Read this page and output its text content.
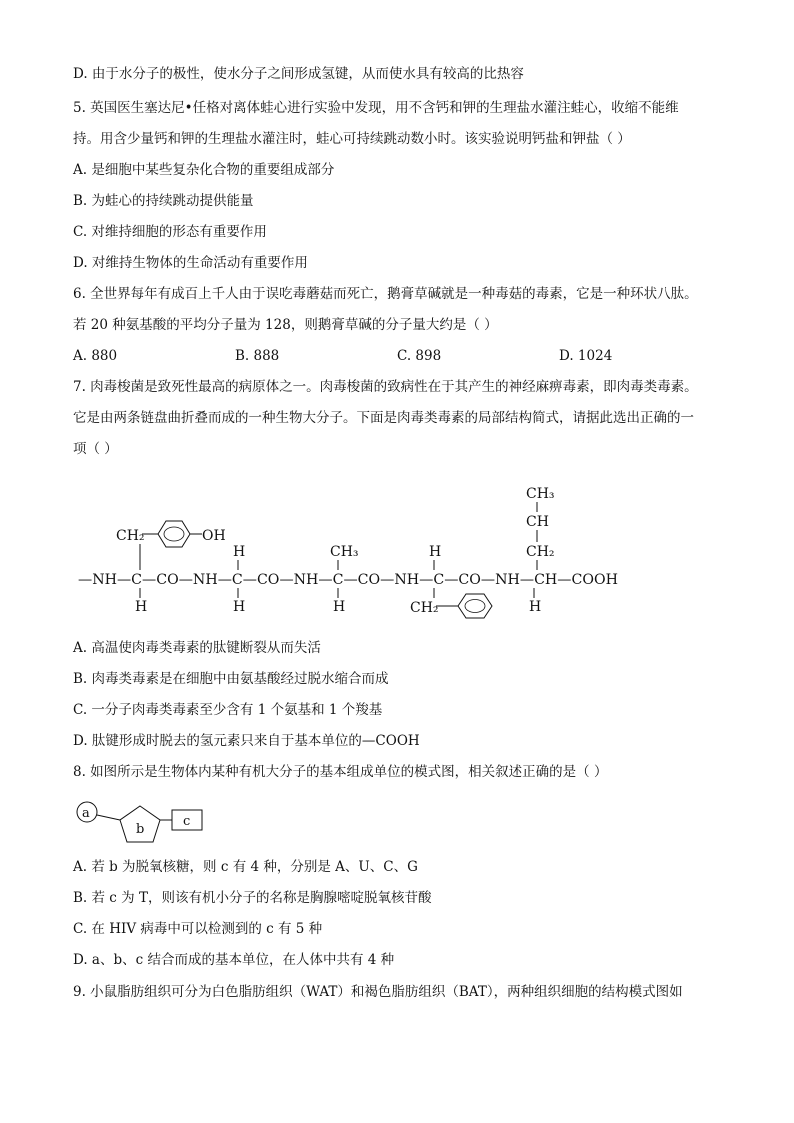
D. 由于水分子的极性，使水分子之间形成氢键，从而使水具有较高的比热容
5. 英国医生塞达尼•任格对离体蛙心进行实验中发现，用不含钙和钾的生理盐水灌注蛙心，收缩不能维
持。用含少量钙和钾的生理盐水灌注时，蛙心可持续跳动数小时。该实验说明钙盐和钾盐（ ）
A. 是细胞中某些复杂化合物的重要组成部分
B. 为蛙心的持续跳动提供能量
C. 对维持细胞的形态有重要作用
D. 对维持生物体的生命活动有重要作用
6. 全世界每年有成百上千人由于误吃毒蘑菇而死亡，鹅膏草碱就是一种毒菇的毒素，它是一种环状八肽。
若 20 种氨基酸的平均分子量为 128，则鹅膏草碱的分子量大约是（ ）
A. 880	B. 888	C. 898	D. 1024
7. 肉毒梭菌是致死性最高的病原体之一。肉毒梭菌的致病性在于其产生的神经麻痹毒素，即肉毒类毒素。
它是由两条链盘曲折叠而成的一种生物大分子。下面是肉毒类毒素的局部结构简式，请据此选出正确的一
项（ ）
CH₂	OH
H	CH₃	H
CH₃
CH
CH₂
—NH—C—CO—NH—C—CO—NH—C—CO—NH—C—CO—NH—CH—COOH
H	H	H	CH₂	H
A. 高温使肉毒类毒素的肽键断裂从而失活
B. 肉毒类毒素是在细胞中由氨基酸经过脱水缩合而成
C. 一分子肉毒类毒素至少含有 1 个氨基和 1 个羧基
D. 肽键形成时脱去的氢元素只来自于基本单位的—COOH
8. 如图所示是生物体内某种有机大分子的基本组成单位的模式图，相关叙述正确的是（ ）
a
b
c
A. 若 b 为脱氧核糖，则 c 有 4 种，分别是 A、U、C、G
B. 若 c 为 T，则该有机小分子的名称是胸腺嘧啶脱氧核苷酸
C. 在 HIV 病毒中可以检测到的 c 有 5 种
D. a、b、c 结合而成的基本单位，在人体中共有 4 种
9. 小鼠脂肪组织可分为白色脂肪组织（WAT）和褐色脂肪组织（BAT），两种组织细胞的结构模式图如
